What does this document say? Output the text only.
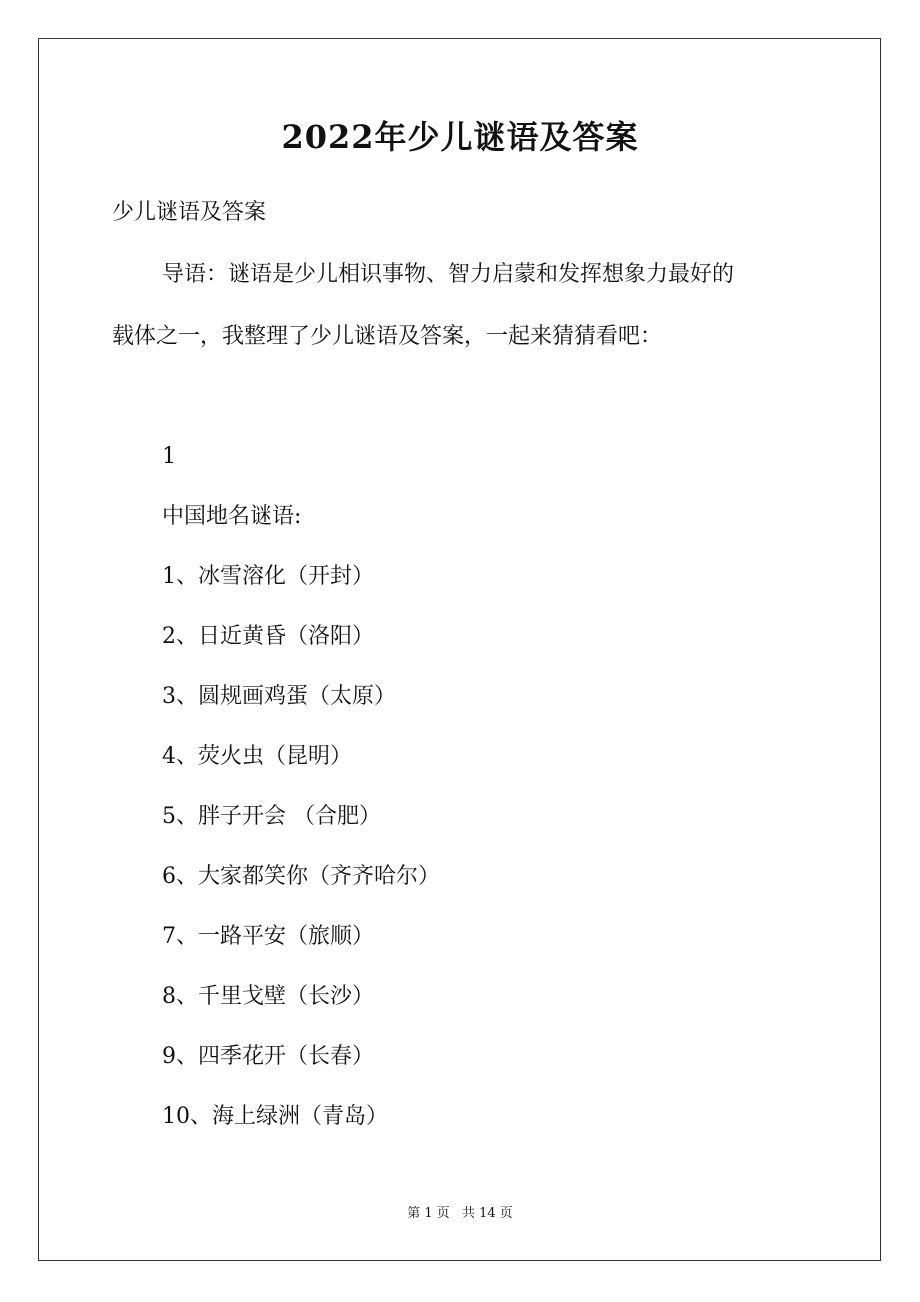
2022年少儿谜语及答案
少儿谜语及答案
导语：谜语是少儿相识事物、智力启蒙和发挥想象力最好的
载体之一，我整理了少儿谜语及答案，一起来猜猜看吧：
1
中国地名谜语:
1、冰雪溶化（开封）
2、日近黄昏（洛阳）
3、圆规画鸡蛋（太原）
4、荧火虫（昆明）
5、胖子开会 （合肥）
6、大家都笑你（齐齐哈尔）
7、一路平安（旅顺）
8、千里戈壁（长沙）
9、四季花开（长春）
10、海上绿洲（青岛）
第 1 页 共 14 页
